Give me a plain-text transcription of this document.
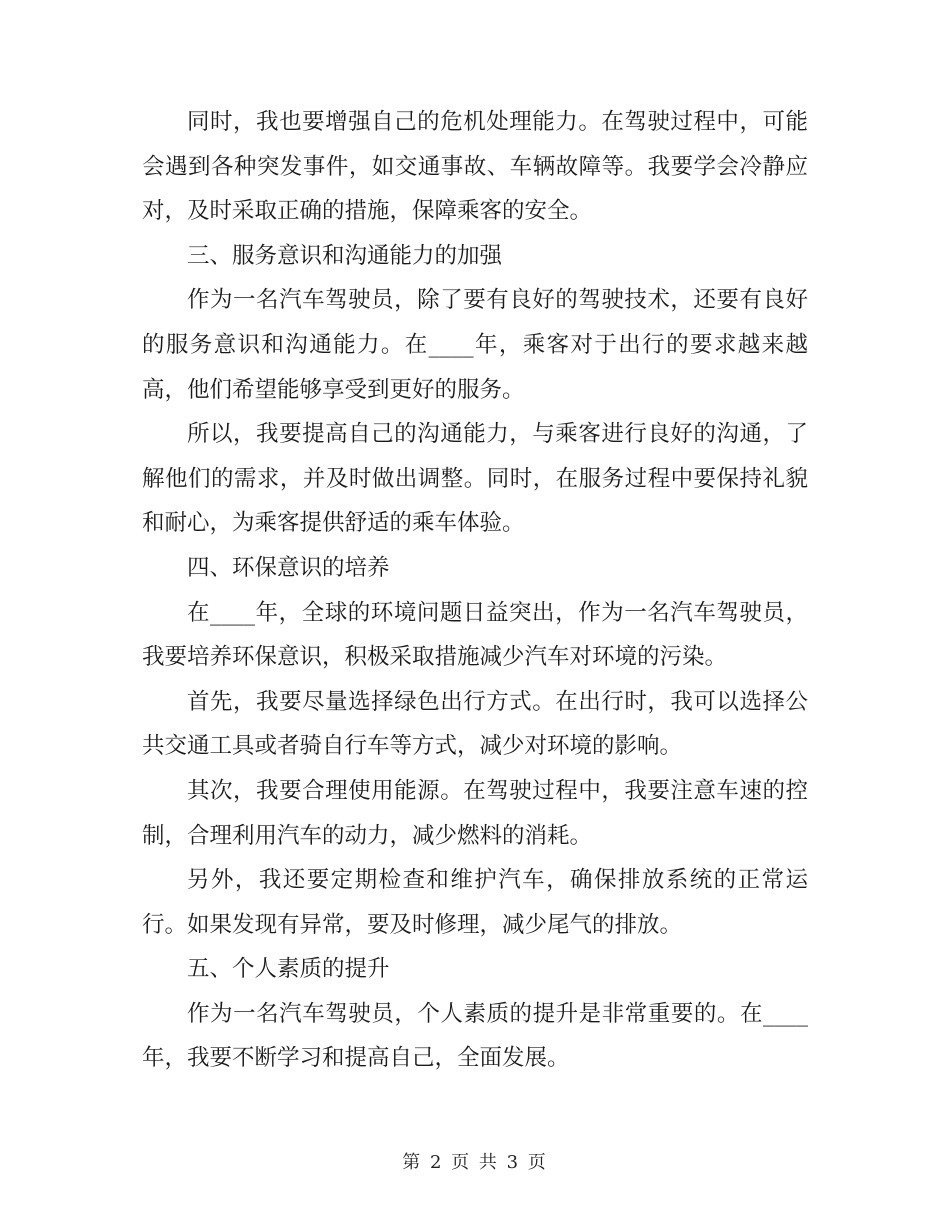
同时，我也要增强自己的危机处理能力。在驾驶过程中，可能会遇到各种突发事件，如交通事故、车辆故障等。我要学会冷静应对，及时采取正确的措施，保障乘客的安全。

三、服务意识和沟通能力的加强

作为一名汽车驾驶员，除了要有良好的驾驶技术，还要有良好的服务意识和沟通能力。在____年，乘客对于出行的要求越来越高，他们希望能够享受到更好的服务。

所以，我要提高自己的沟通能力，与乘客进行良好的沟通，了解他们的需求，并及时做出调整。同时，在服务过程中要保持礼貌和耐心，为乘客提供舒适的乘车体验。

四、环保意识的培养

在____年，全球的环境问题日益突出，作为一名汽车驾驶员，我要培养环保意识，积极采取措施减少汽车对环境的污染。

首先，我要尽量选择绿色出行方式。在出行时，我可以选择公共交通工具或者骑自行车等方式，减少对环境的影响。

其次，我要合理使用能源。在驾驶过程中，我要注意车速的控制，合理利用汽车的动力，减少燃料的消耗。

另外，我还要定期检查和维护汽车，确保排放系统的正常运行。如果发现有异常，要及时修理，减少尾气的排放。

五、个人素质的提升

作为一名汽车驾驶员，个人素质的提升是非常重要的。在____年，我要不断学习和提高自己，全面发展。

第 2 页 共 3 页
